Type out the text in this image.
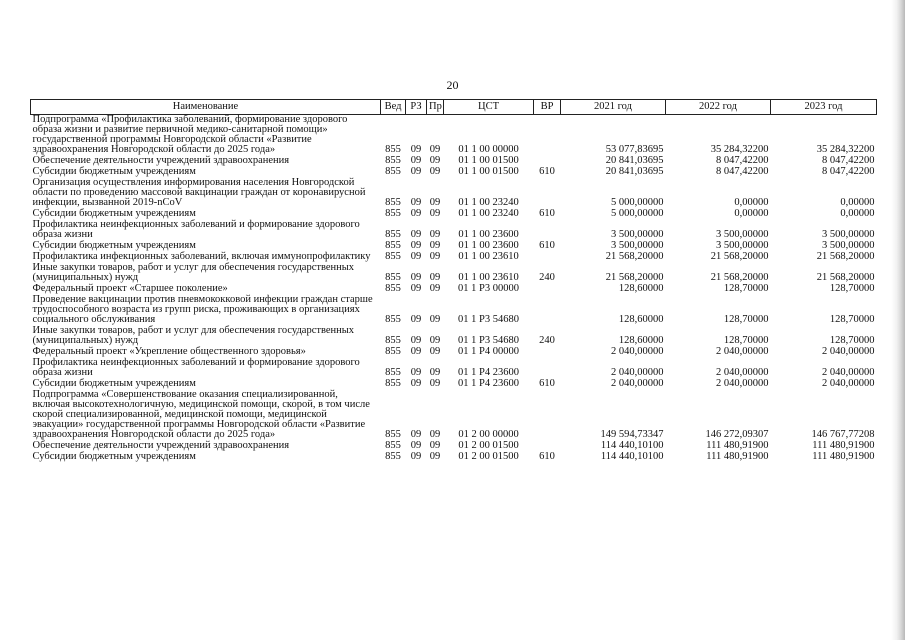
20
Наименование	Вед	РЗ	Пр	ЦСТ	ВР	2021 год	2022 год	2023 год
Подпрограмма «Профилактика заболеваний, формирование здорового образа жизни и развитие первичной медико-санитарной помощи» государственной программы Новгородской области «Развитие здравоохранения Новгородской области до 2025 года»	855	09	09	01 1 00 00000		53 077,83695	35 284,32200	35 284,32200
Обеспечение деятельности учреждений здравоохранения	855	09	09	01 1 00 01500		20 841,03695	8 047,42200	8 047,42200
Субсидии бюджетным учреждениям	855	09	09	01 1 00 01500	610	20 841,03695	8 047,42200	8 047,42200
Организация осуществления информирования населения Новгородской области по проведению массовой вакцинации граждан от коронавирусной инфекции, вызванной 2019-nCoV	855	09	09	01 1 00 23240		5 000,00000	0,00000	0,00000
Субсидии бюджетным учреждениям	855	09	09	01 1 00 23240	610	5 000,00000	0,00000	0,00000
Профилактика неинфекционных заболеваний и формирование здорового образа жизни	855	09	09	01 1 00 23600		3 500,00000	3 500,00000	3 500,00000
Субсидии бюджетным учреждениям	855	09	09	01 1 00 23600	610	3 500,00000	3 500,00000	3 500,00000
Профилактика инфекционных заболеваний, включая иммунопрофилактику	855	09	09	01 1 00 23610		21 568,20000	21 568,20000	21 568,20000
Иные закупки товаров, работ и услуг для обеспечения государственных (муниципальных) нужд	855	09	09	01 1 00 23610	240	21 568,20000	21 568,20000	21 568,20000
Федеральный проект «Старшее поколение»	855	09	09	01 1 P3 00000		128,60000	128,70000	128,70000
Проведение вакцинации против пневмококковой инфекции граждан старше трудоспособного возраста из групп риска, проживающих в организациях социального обслуживания	855	09	09	01 1 P3 54680		128,60000	128,70000	128,70000
Иные закупки товаров, работ и услуг для обеспечения государственных (муниципальных) нужд	855	09	09	01 1 P3 54680	240	128,60000	128,70000	128,70000
Федеральный проект «Укрепление общественного здоровья»	855	09	09	01 1 P4 00000		2 040,00000	2 040,00000	2 040,00000
Профилактика неинфекционных заболеваний и формирование здорового образа жизни	855	09	09	01 1 P4 23600		2 040,00000	2 040,00000	2 040,00000
Субсидии бюджетным учреждениям	855	09	09	01 1 P4 23600	610	2 040,00000	2 040,00000	2 040,00000
Подпрограмма «Совершенствование оказания специализированной, включая высокотехнологичную, медицинской помощи, скорой, в том числе скорой специализированной, медицинской помощи, медицинской эвакуации» государственной программы Новгородской области «Развитие здравоохранения Новгородской области до 2025 года»	855	09	09	01 2 00 00000		149 594,73347	146 272,09307	146 767,77208
Обеспечение деятельности учреждений здравоохранения	855	09	09	01 2 00 01500		114 440,10100	111 480,91900	111 480,91900
Субсидии бюджетным учреждениям	855	09	09	01 2 00 01500	610	114 440,10100	111 480,91900	111 480,91900
